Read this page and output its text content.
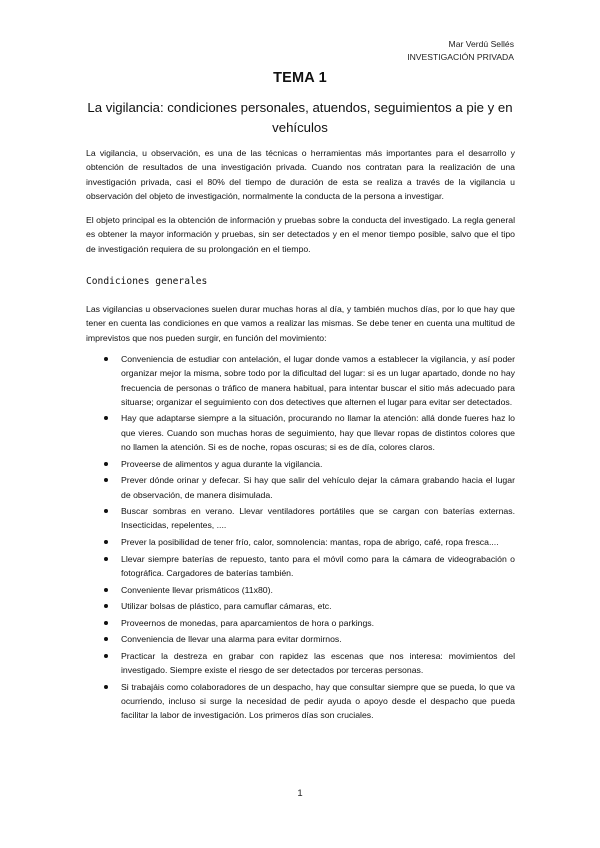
Mar Verdú Sellés
INVESTIGACIÓN PRIVADA
TEMA 1
La vigilancia: condiciones personales, atuendos, seguimientos a pie y en vehículos

La vigilancia, u observación, es una de las técnicas o herramientas más importantes para el desarrollo y obtención de resultados de una investigación privada. Cuando nos contratan para la realización de una investigación privada, casi el 80% del tiempo de duración de esta se realiza a través de la vigilancia u observación del objeto de investigación, normalmente la conducta de la persona a investigar.

El objeto principal es la obtención de información y pruebas sobre la conducta del investigado. La regla general es obtener la mayor información y pruebas, sin ser detectados y en el menor tiempo posible, salvo que el tipo de investigación requiera de su prolongación en el tiempo.

Condiciones generales

Las vigilancias u observaciones suelen durar muchas horas al día, y también muchos días, por lo que hay que tener en cuenta las condiciones en que vamos a realizar las mismas. Se debe tener en cuenta una multitud de imprevistos que nos pueden surgir, en función del movimiento:

Conveniencia de estudiar con antelación, el lugar donde vamos a establecer la vigilancia, y así poder organizar mejor la misma, sobre todo por la dificultad del lugar: si es un lugar apartado, donde no hay frecuencia de personas o tráfico de manera habitual, para intentar buscar el sitio más adecuado para situarse; organizar el seguimiento con dos detectives que alternen el lugar para evitar ser detectados.
Hay que adaptarse siempre a la situación, procurando no llamar la atención: allá donde fueres haz lo que vieres. Cuando son muchas horas de seguimiento, hay que llevar ropas de distintos colores que no llamen la atención. Si es de noche, ropas oscuras; si es de día, colores claros.
Proveerse de alimentos y agua durante la vigilancia.
Prever dónde orinar y defecar. Si hay que salir del vehículo dejar la cámara grabando hacia el lugar de observación, de manera disimulada.
Buscar sombras en verano. Llevar ventiladores portátiles que se cargan con baterías externas. Insecticidas, repelentes, ....
Prever la posibilidad de tener frío, calor, somnolencia: mantas, ropa de abrigo, café, ropa fresca....
Llevar siempre baterías de repuesto, tanto para el móvil como para la cámara de videograbación o fotográfica. Cargadores de baterías también.
Conveniente llevar prismáticos (11x80).
Utilizar bolsas de plástico, para camuflar cámaras, etc.
Proveernos de monedas, para aparcamientos de hora o parkings.
Conveniencia de llevar una alarma para evitar dormirnos.
Practicar la destreza en grabar con rapidez las escenas que nos interesa: movimientos del investigado. Siempre existe el riesgo de ser detectados por terceras personas.
Si trabajáis como colaboradores de un despacho, hay que consultar siempre que se pueda, lo que va ocurriendo, incluso si surge la necesidad de pedir ayuda o apoyo desde el despacho que pueda facilitar la labor de investigación. Los primeros días son cruciales.
1
